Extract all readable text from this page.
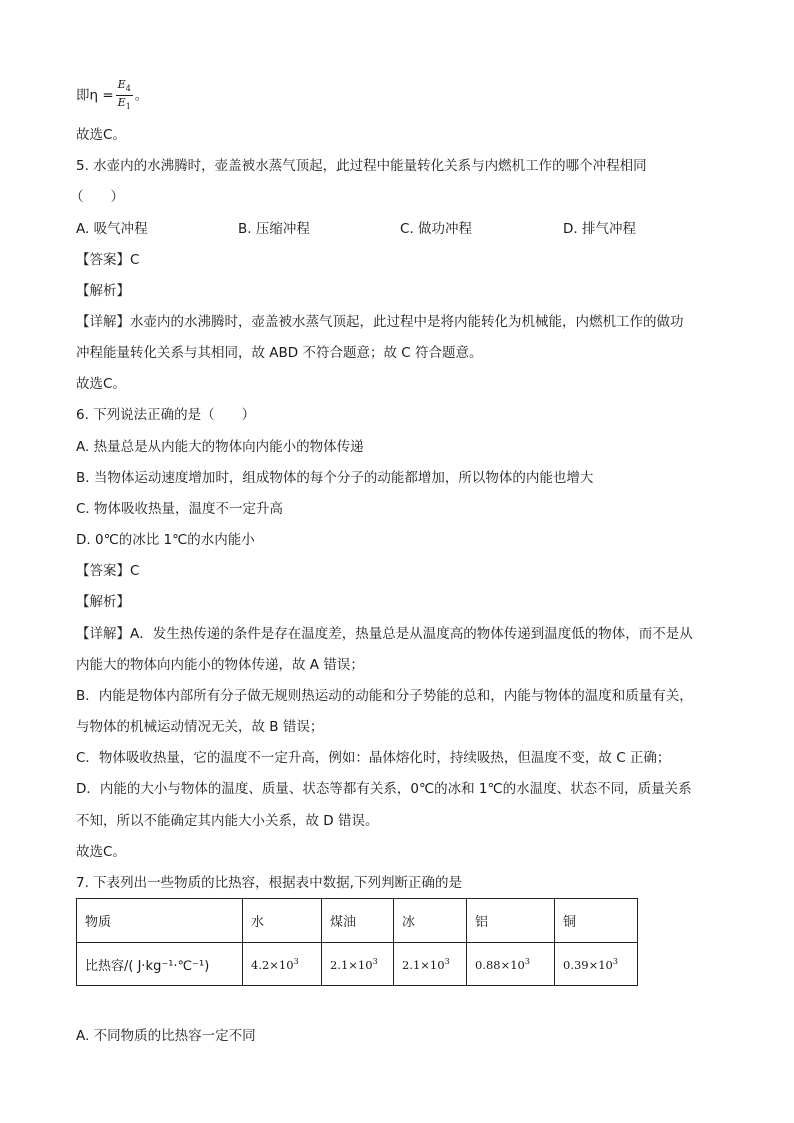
即$\eta = \frac{E_4}{E_1}$ 。
故选C。
5. 水壶内的水沸腾时，壶盖被水蒸气顶起，此过程中能量转化关系与内燃机工作的哪个冲程相同
（　　）
A. 吸气冲程	B. 压缩冲程	C. 做功冲程	D. 排气冲程
【答案】C
【解析】
【详解】水壶内的水沸腾时，壶盖被水蒸气顶起，此过程中是将内能转化为机械能，内燃机工作的做功
冲程能量转化关系与其相同，故 ABD 不符合题意；故 C 符合题意。
故选C。
6. 下列说法正确的是（　　）
A. 热量总是从内能大的物体向内能小的物体传递
B. 当物体运动速度增加时，组成物体的每个分子的动能都增加，所以物体的内能也增大
C. 物体吸收热量，温度不一定升高
D. 0℃的冰比 1℃的水内能小
【答案】C
【解析】
【详解】A．发生热传递的条件是存在温度差，热量总是从温度高的物体传递到温度低的物体，而不是从
内能大的物体向内能小的物体传递，故 A 错误；
B．内能是物体内部所有分子做无规则热运动的动能和分子势能的总和，内能与物体的温度和质量有关，
与物体的机械运动情况无关，故 B 错误；
C．物体吸收热量，它的温度不一定升高，例如：晶体熔化时，持续吸热，但温度不变，故 C 正确；
D．内能的大小与物体的温度、质量、状态等都有关系，0℃的冰和 1℃的水温度、状态不同，质量关系
不知，所以不能确定其内能大小关系，故 D 错误。
故选C。
7. 下表列出一些物质的比热容，根据表中数据,下列判断正确的是
物质	水	煤油	冰	铝	铜
比热容/( J·kg⁻¹·℃⁻¹)	$4.2\times 10^3$	$2.1\times 10^3$	$2.1\times 10^3$	$0.88\times 10^3$	$0.39\times 10^3$
A. 不同物质的比热容一定不同
